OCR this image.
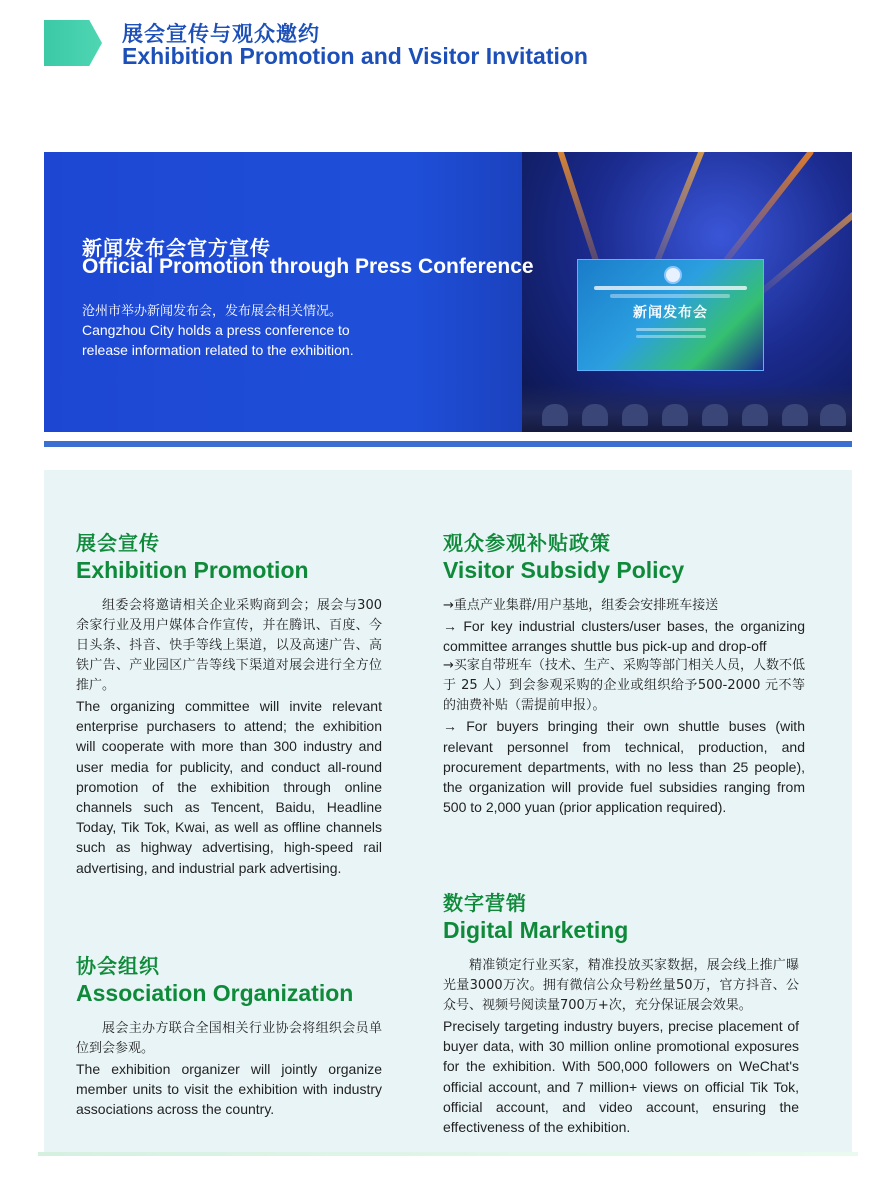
展会宣传与观众邀约
Exhibition Promotion and Visitor Invitation
新闻发布会
新闻发布会官方宣传
Official Promotion through Press Conference
沧州市举办新闻发布会，发布展会相关情况。
Cangzhou City holds a press conference to release information related to the exhibition.
展会宣传
Exhibition Promotion

组委会将邀请相关企业采购商到会；展会与300余家行业及用户媒体合作宣传，并在腾讯、百度、今日头条、抖音、快手等线上渠道，以及高速广告、高铁广告、产业园区广告等线下渠道对展会进行全方位推广。

The organizing committee will invite relevant enterprise purchasers to attend; the exhibition will cooperate with more than 300 industry and user media for publicity, and conduct all-round promotion of the exhibition through online channels such as Tencent, Baidu, Headline Today, Tik Tok, Kwai, as well as offline channels such as highway advertising, high-speed rail advertising, and industrial park advertising.

协会组织
Association Organization

展会主办方联合全国相关行业协会将组织会员单位到会参观。

The exhibition organizer will jointly organize member units to visit the exhibition with industry associations across the country.

观众参观补贴政策
Visitor Subsidy Policy

→重点产业集群/用户基地，组委会安排班车接送

→ For key industrial clusters/user bases, the organizing committee arranges shuttle bus pick-up and drop-off

→买家自带班车（技术、生产、采购等部门相关人员，人数不低于 25 人）到会参观采购的企业或组织给予500-2000 元不等的油费补贴（需提前申报）。

→ For buyers bringing their own shuttle buses (with relevant personnel from technical, production, and procurement departments, with no less than 25 people), the organization will provide fuel subsidies ranging from 500 to 2,000 yuan (prior application required).

数字营销
Digital Marketing

精准锁定行业买家，精准投放买家数据，展会线上推广曝光量3000万次。拥有微信公众号粉丝量50万，官方抖音、公众号、视频号阅读量700万+次，充分保证展会效果。

Precisely targeting industry buyers, precise placement of buyer data, with 30 million online promotional exposures for the exhibition. With 500,000 followers on WeChat's official account, and 7 million+ views on official Tik Tok, official account, and video account, ensuring the effectiveness of the exhibition.
